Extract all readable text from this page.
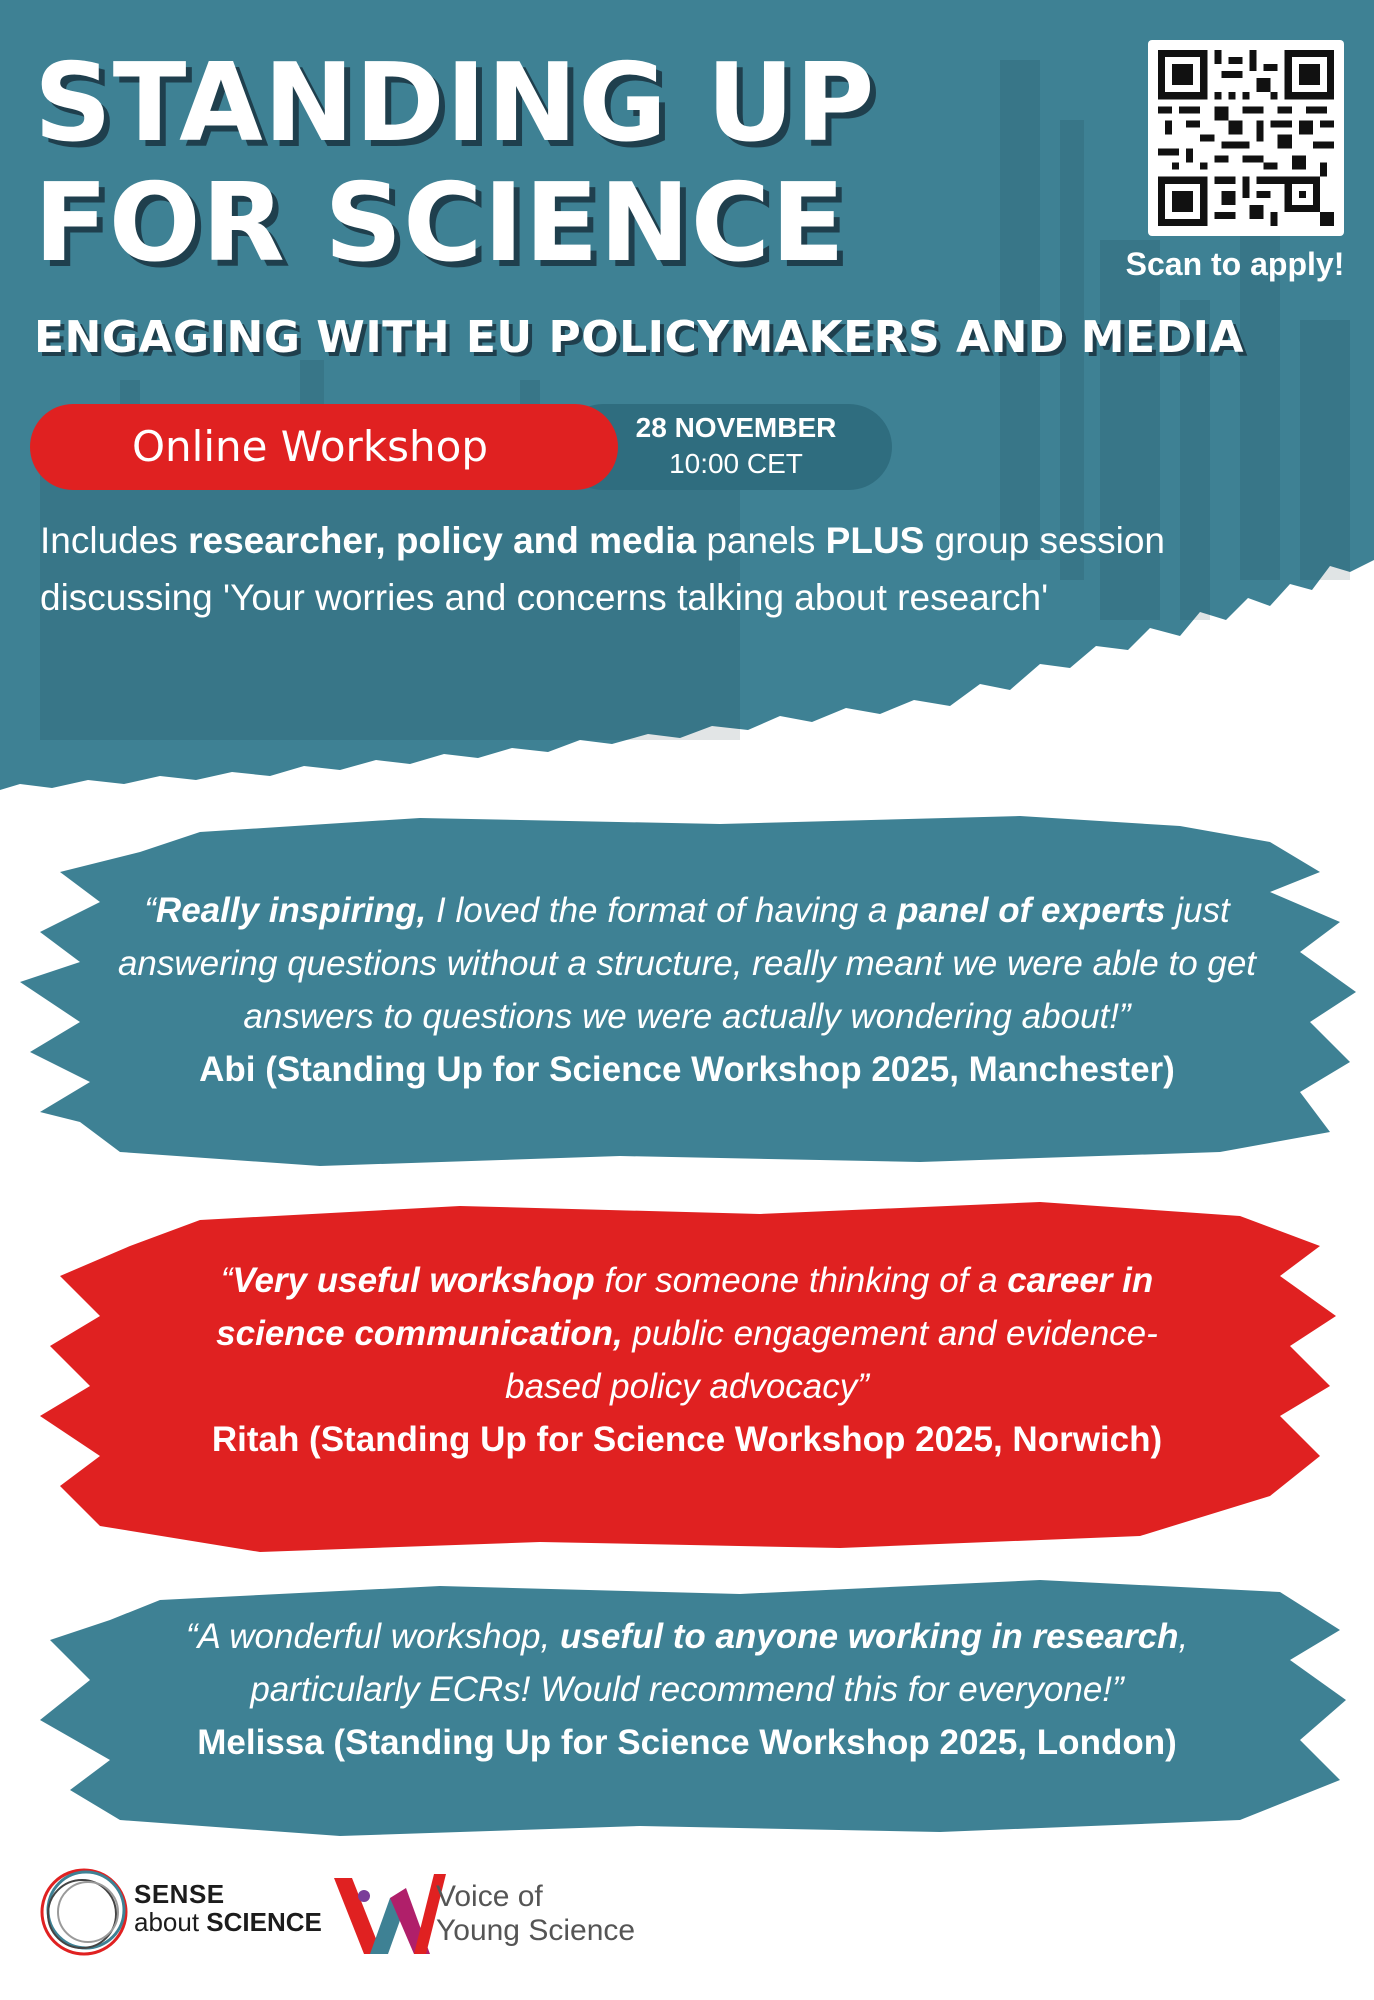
STANDING UP
FOR SCIENCE
ENGAGING WITH EU POLICYMAKERS AND MEDIA
Scan to apply!
28 NOVEMBER
10:00 CET
Online Workshop

Includes researcher, policy and media panels PLUS group session discussing 'Your worries and concerns talking about research'

“Really inspiring, I loved the format of having a panel of experts just answering questions without a structure, really meant we were able to get answers to questions we were actually wondering about!”

Abi (Standing Up for Science Workshop 2025, Manchester)

“Very useful workshop for someone thinking of a career in science communication, public engagement and evidence-based policy advocacy”

Ritah (Standing Up for Science Workshop 2025, Norwich)

“A wonderful workshop, useful to anyone working in research, particularly ECRs! Would recommend this for everyone!”

Melissa (Standing Up for Science Workshop 2025, London)

SENSE
about SCIENCE
Voice of
Young Science
